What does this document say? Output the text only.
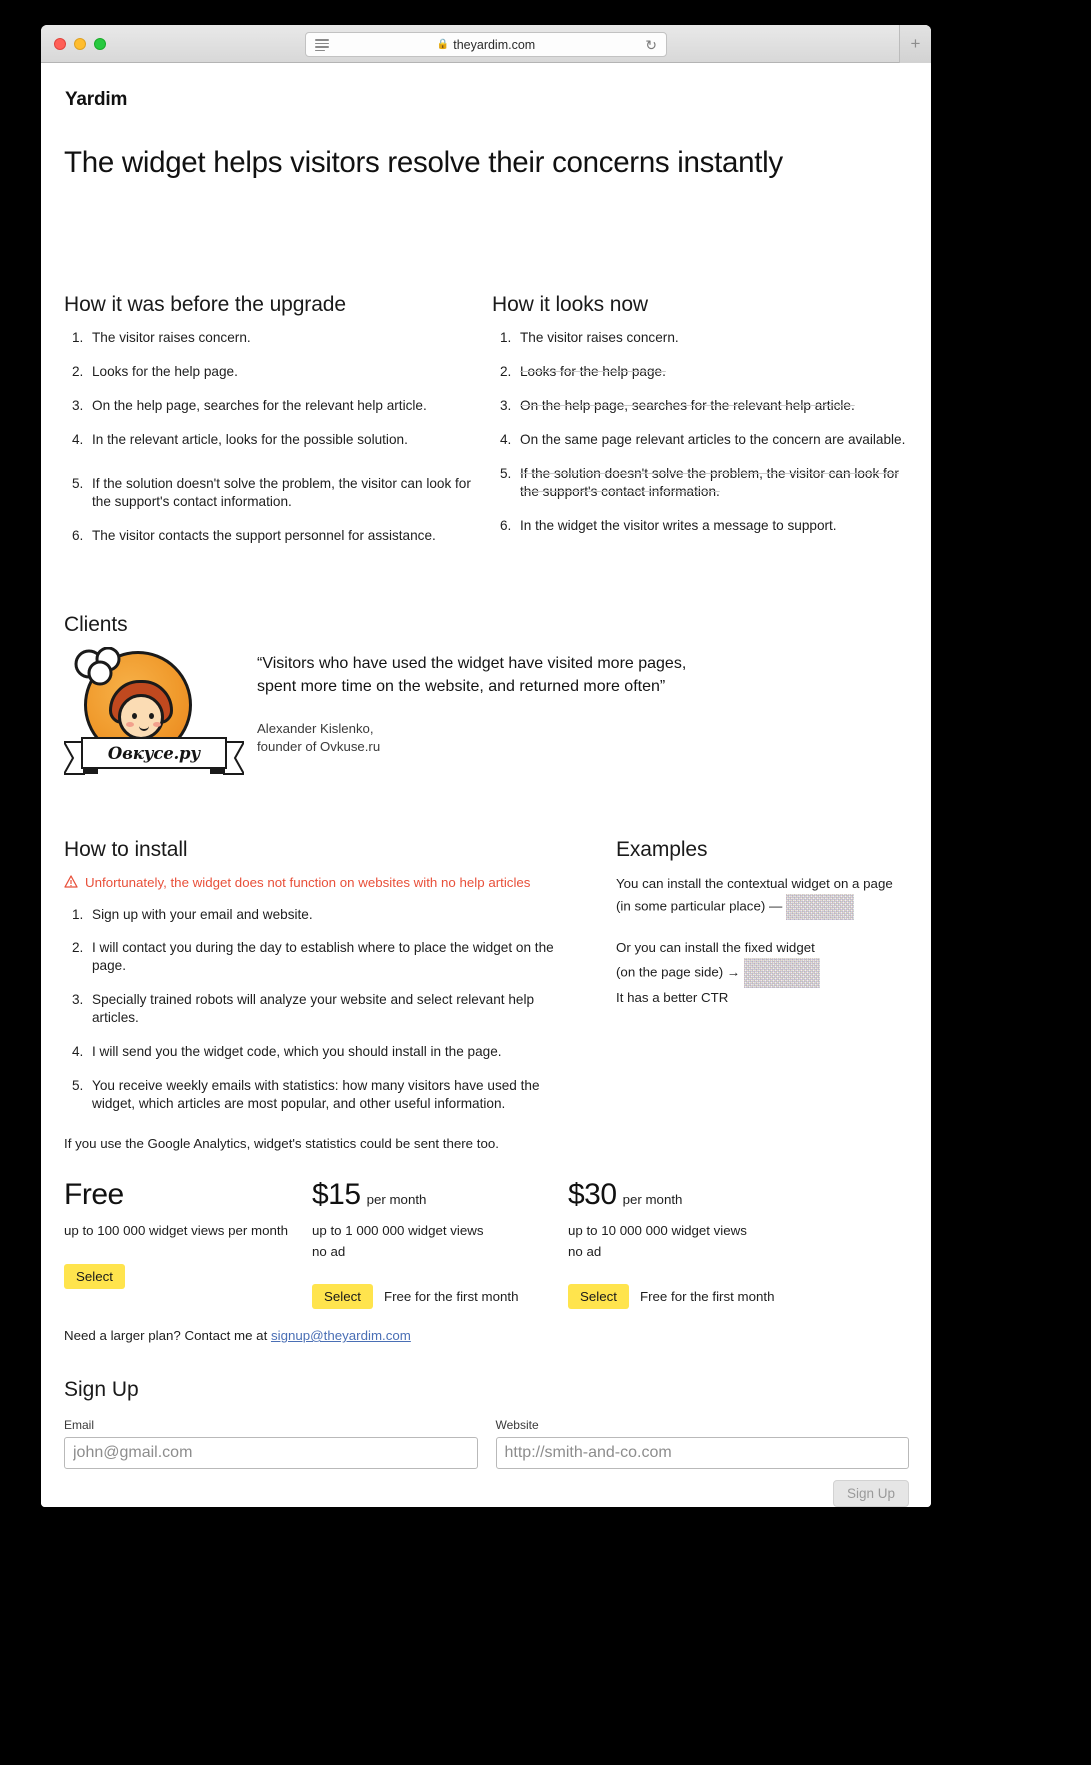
🔒 theyardim.com	↻	+
Yardim
The widget helps visitors resolve their concerns instantly
How it was before the upgrade
1. The visitor raises concern.
2. Looks for the help page.
3. On the help page, searches for the relevant help article.
4. In the relevant article, looks for the possible solution.
5. If the solution doesn't solve the problem, the visitor can look for the support's contact information.
6. The visitor contacts the support personnel for assistance.
How it looks now
1. The visitor raises concern.
2. Looks for the help page.
3. On the help page, searches for the relevant help article.
4. On the same page relevant articles to the concern are available.
5. If the solution doesn't solve the problem, the visitor can look for the support's contact information.
6. In the widget the visitor writes a message to support.
Clients
Овкусе.ру

“Visitors who have used the widget have visited more pages, spent more time on the website, and returned more often”

Alexander Kislenko,
founder of Ovkuse.ru
How to install
Unfortunately, the widget does not function on websites with no help articles
1. Sign up with your email and website.
2. I will contact you during the day to establish where to place the widget on the page.
3. Specially trained robots will analyze your website and select relevant help articles.
4. I will send you the widget code, which you should install in the page.
5. You receive weekly emails with statistics: how many visitors have used the widget, which articles are most popular, and other useful information.
If you use the Google Analytics, widget's statistics could be sent there too.
Examples

You can install the contextual widget on a page
(in some particular place) —

Or you can install the fixed widget
(on the page side) →
It has a better CTR

Free
up to 100 000 widget views per month
Select
$15 per month
up to 1 000 000 widget views
no ad
Select	Free for the first month
$30 per month
up to 10 000 000 widget views
no ad
Select	Free for the first month
Need a larger plan? Contact me at signup@theyardim.com
Sign Up
Email
john@gmail.com	Website
http://smith-and-co.com
Sign Up
